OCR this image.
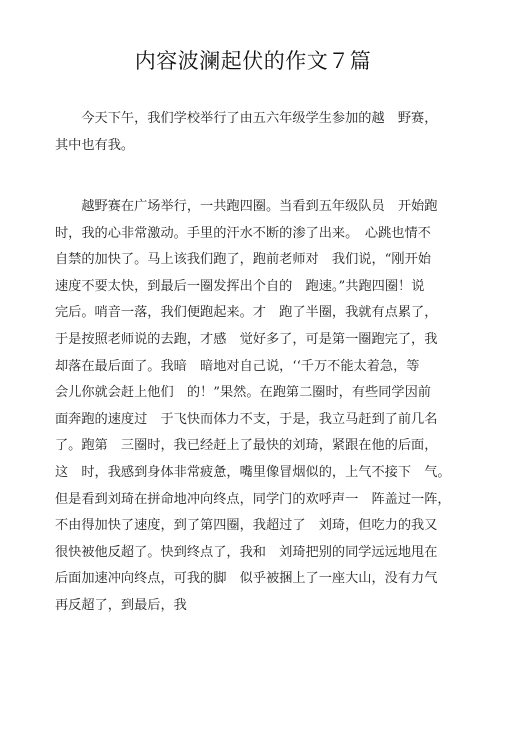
内容波澜起伏的作文７篇

　　今天下午，我们学校举行了由五六年级学生参加的越　野赛，
其中也有我。

　　越野赛在广场举行，一共跑四圈。当看到五年级队员　开始跑
时，我的心非常激动。手里的汗水不断的渗了出来。　心跳也情不
自禁的加快了。马上该我们跑了，跑前老师对　我们说，“刚开始
速度不要太快，到最后一圈发挥出个自的　跑速。”共跑四圈！说
完后。哨音一落，我们便跑起来。才　跑了半圈，我就有点累了，
于是按照老师说的去跑，才感　觉好多了，可是第一圈跑完了，我
却落在最后面了。我暗　暗地对自己说，‘‘千万不能太着急，等
会儿你就会赶上他们　的！”果然。在跑第二圈时，有些同学因前
面奔跑的速度过　于飞快而体力不支，于是，我立马赶到了前几名
了。跑第　三圈时，我已经赶上了最快的刘琦，紧跟在他的后面，
这　时，我感到身体非常疲惫，嘴里像冒烟似的，上气不接下　气。
但是看到刘琦在拼命地冲向终点，同学门的欢呼声一　阵盖过一阵，
不由得加快了速度，到了第四圈，我超过了　刘琦，但吃力的我又
很快被他反超了。快到终点了，我和　刘琦把别的同学远远地甩在
后面加速冲向终点，可我的脚　似乎被捆上了一座大山，没有力气
再反超了，到最后，我
